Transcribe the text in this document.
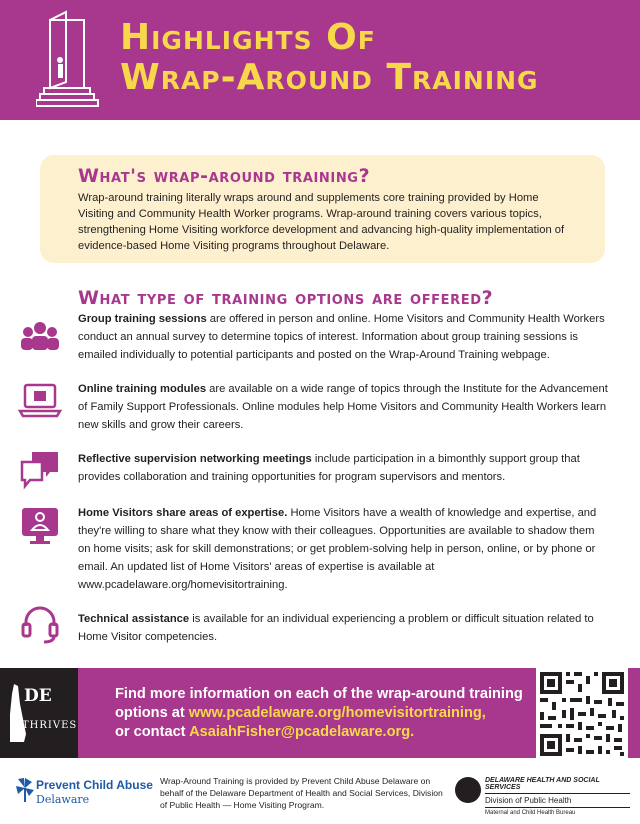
Highlights Of
Wrap-Around Training
What's wrap-around training?
Wrap-around training literally wraps around and supplements core training provided by Home Visiting and Community Health Worker programs. Wrap-around training covers various topics, strengthening Home Visiting workforce development and advancing high-quality implementation of evidence-based Home Visiting programs throughout Delaware.
What type of training options are offered?
Group training sessions are offered in person and online. Home Visitors and Community Health Workers conduct an annual survey to determine topics of interest. Information about group training sessions is emailed individually to potential participants and posted on the Wrap-Around Training webpage.
Online training modules are available on a wide range of topics through the Institute for the Advancement of Family Support Professionals. Online modules help Home Visitors and Community Health Workers learn new skills and grow their careers.
Reflective supervision networking meetings include participation in a bimonthly support group that provides collaboration and training opportunities for program supervisors and mentors.
Home Visitors share areas of expertise. Home Visitors have a wealth of knowledge and expertise, and they're willing to share what they know with their colleagues. Opportunities are available to shadow them on home visits; ask for skill demonstrations; or get problem-solving help in person, online, or by phone or email. An updated list of Home Visitors' areas of expertise is available at www.pcadelaware.org/homevisitortraining.
Technical assistance is available for an individual experiencing a problem or difficult situation related to Home Visitor competencies.
DE
THRIVES
Find more information on each of the wrap-around training
options at www.pcadelaware.org/homevisitortraining,
or contact AsaiahFisher@pcadelaware.org.
Prevent Child Abuse
Delaware
Wrap-Around Training is provided by Prevent Child Abuse Delaware on behalf of the Delaware Department of Health and Social Services, Division of Public Health — Home Visiting Program.
DELAWARE HEALTH AND SOCIAL SERVICES
Division of Public Health
Maternal and Child Health Bureau
